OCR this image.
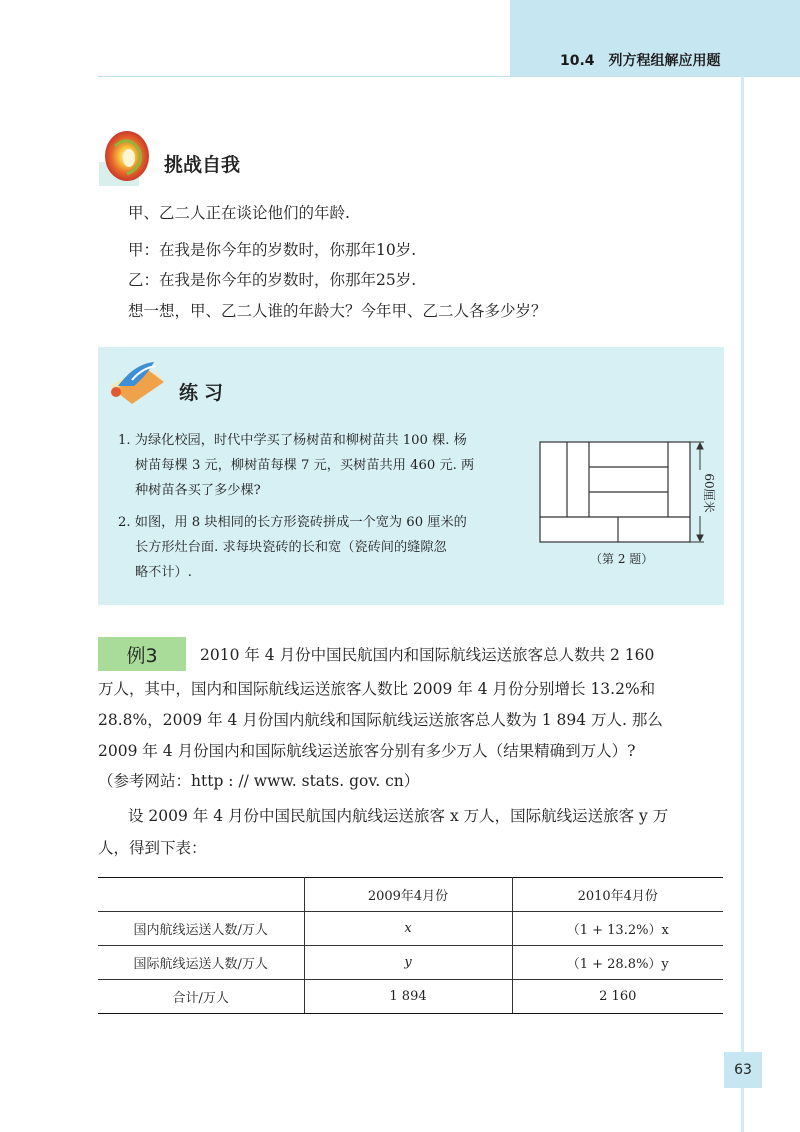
10.4　列方程组解应用题
挑战自我
甲、乙二人正在谈论他们的年龄.
甲：在我是你今年的岁数时，你那年10岁.
乙：在我是你今年的岁数时，你那年25岁.
想一想，甲、乙二人谁的年龄大？今年甲、乙二人各多少岁？
练习
1. 为绿化校园，时代中学买了杨树苗和柳树苗共 100 棵. 杨
树苗每棵 3 元，柳树苗每棵 7 元，买树苗共用 460 元. 两
种树苗各买了多少棵?
2. 如图，用 8 块相同的长方形瓷砖拼成一个宽为 60 厘米的
长方形灶台面. 求每块瓷砖的长和宽（瓷砖间的缝隙忽
略不计）.
60厘米
（第 2 题）
例3	2010 年 4 月份中国民航国内和国际航线运送旅客总人数共 2 160
万人，其中，国内和国际航线运送旅客人数比 2009 年 4 月份分别增长 13.2%和
28.8%，2009 年 4 月份国内航线和国际航线运送旅客总人数为 1 894 万人. 那么
2009 年 4 月份国内和国际航线运送旅客分别有多少万人（结果精确到万人）?
（参考网站：http : // www. stats. gov. cn）
设 2009 年 4 月份中国民航国内航线运送旅客 x 万人，国际航线运送旅客 y 万
人，得到下表：
	2009年4月份	2010年4月份
国内航线运送人数/万人	x	（1 + 13.2%）x
国际航线运送人数/万人	y	（1 + 28.8%）y
合计/万人	1 894	2 160
63
